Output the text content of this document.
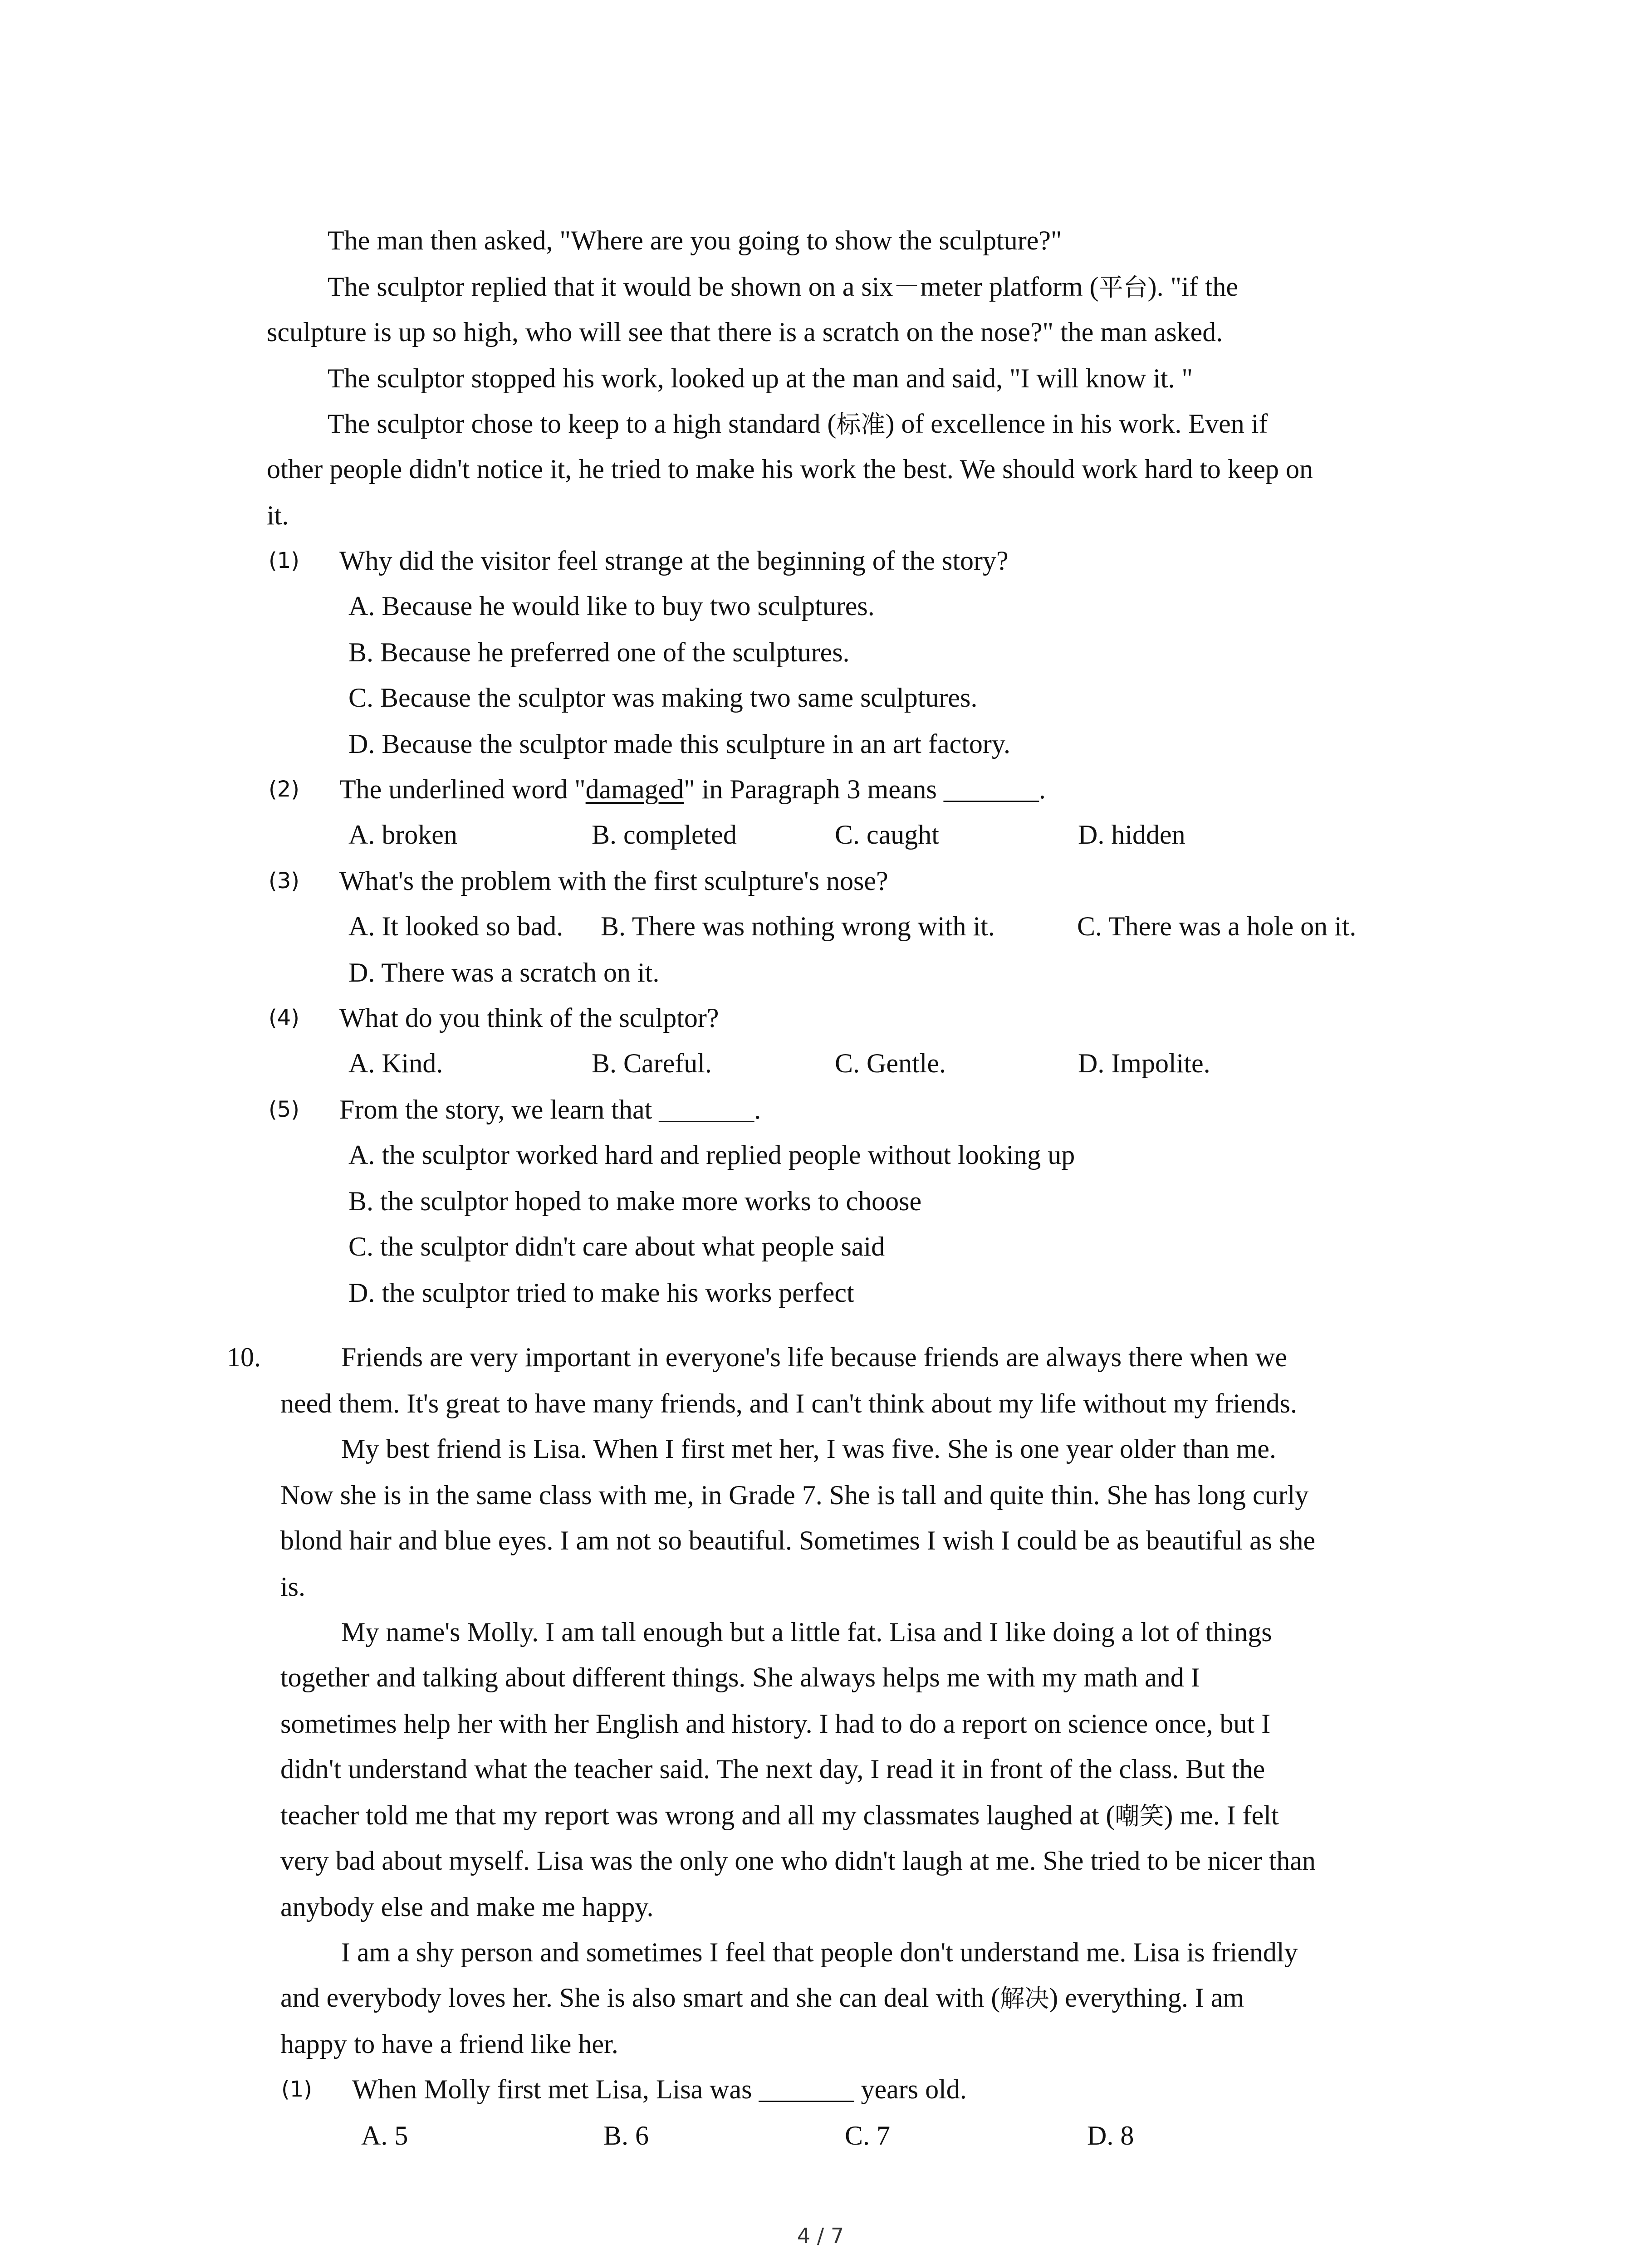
The man then asked, "Where are you going to show the sculpture?"
The sculptor replied that it would be shown on a six－meter platform (平台). "if the
sculpture is up so high, who will see that there is a scratch on the nose?" the man asked.
The sculptor stopped his work, looked up at the man and said, "I will know it. "
The sculptor chose to keep to a high standard (标准) of excellence in his work. Even if
other people didn't notice it, he tried to make his work the best. We should work hard to keep on
it.
(1) Why did the visitor feel strange at the beginning of the story?
A. Because he would like to buy two sculptures.
B. Because he preferred one of the sculptures.
C. Because the sculptor was making two same sculptures.
D. Because the sculptor made this sculpture in an art factory.
(2) The underlined word "damaged" in Paragraph 3 means _______.
A. broken	B. completed	C. caught	D. hidden
(3) What's the problem with the first sculpture's nose?
A. It looked so bad. B. There was nothing wrong with it.	C. There was a hole on it.
D. There was a scratch on it.
(4) What do you think of the sculptor?
A. Kind.	B. Careful.	C. Gentle.	D. Impolite.
(5) From the story, we learn that _______.
A. the sculptor worked hard and replied people without looking up
B. the sculptor hoped to make more works to choose
C. the sculptor didn't care about what people said
D. the sculptor tried to make his works perfect
10.	Friends are very important in everyone's life because friends are always there when we
need them. It's great to have many friends, and I can't think about my life without my friends.
My best friend is Lisa. When I first met her, I was five. She is one year older than me.
Now she is in the same class with me, in Grade 7. She is tall and quite thin. She has long curly
blond hair and blue eyes. I am not so beautiful. Sometimes I wish I could be as beautiful as she
is.
My name's Molly. I am tall enough but a little fat. Lisa and I like doing a lot of things
together and talking about different things. She always helps me with my math and I
sometimes help her with her English and history. I had to do a report on science once, but I
didn't understand what the teacher said. The next day, I read it in front of the class. But the
teacher told me that my report was wrong and all my classmates laughed at (嘲笑) me. I felt
very bad about myself. Lisa was the only one who didn't laugh at me. She tried to be nicer than
anybody else and make me happy.
I am a shy person and sometimes I feel that people don't understand me. Lisa is friendly
and everybody loves her. She is also smart and she can deal with (解决) everything. I am
happy to have a friend like her.
(1) When Molly first met Lisa, Lisa was _______ years old.
A. 5	B. 6	C. 7	D. 8
4 / 7
